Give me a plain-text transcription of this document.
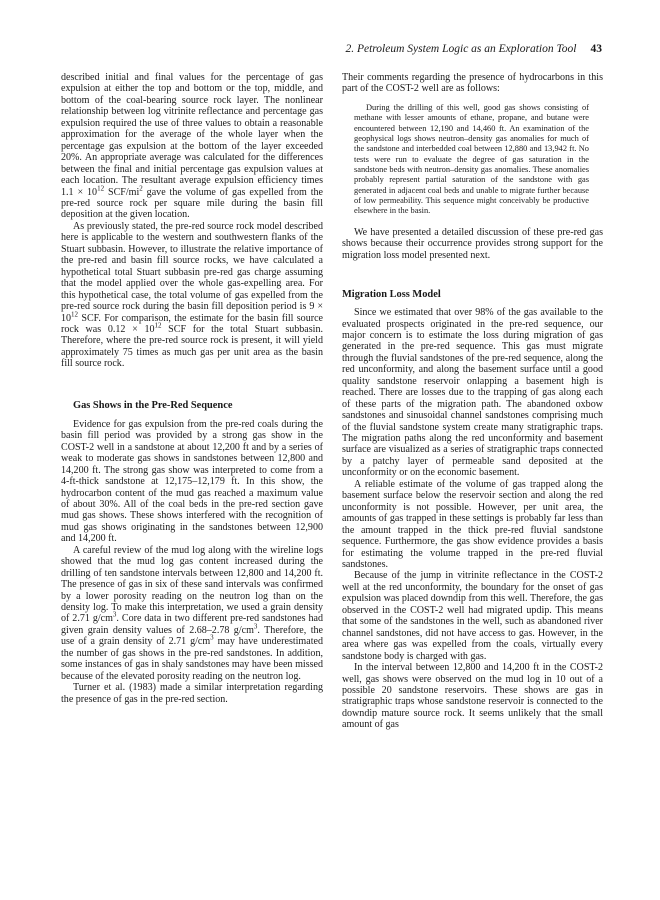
2. Petroleum System Logic as an Exploration Tool 43

described initial and final values for the percentage of gas expulsion at either the top and bottom or the top, middle, and bottom of the coal-bearing source rock layer. The nonlinear relationship between log vitrinite reflectance and percentage gas expulsion required the use of three values to obtain a reasonable approximation for the average of the whole layer when the percentage gas expulsion at the bottom of the layer exceeded 20%. An appropriate average was calculated for the differences between the final and initial percentage gas expulsion values at each location. The resultant average expulsion efficiency times $1.1 \times 10^{12}$ SCF/$mi^2$ gave the volume of gas expelled from the pre-red source rock per square mile during the basin fill deposition at the given location.

As previously stated, the pre-red source rock model described here is applicable to the western and southwestern flanks of the Stuart subbasin. However, to illustrate the relative importance of the pre-red and basin fill source rocks, we have calculated a hypothetical total Stuart subbasin pre-red gas charge assuming that the model applied over the whole gas-expelling area. For this hypothetical case, the total volume of gas expelled from the pre-red source rock during the basin fill deposition period is $9 \times 10^{12}$ SCF. For comparison, the estimate for the basin fill source rock was $0.12 \times 10^{12}$ SCF for the total Stuart subbasin. Therefore, where the pre-red source rock is present, it will yield approximately 75 times as much gas per unit area as the basin fill source rock.

Gas Shows in the Pre-Red Sequence

Evidence for gas expulsion from the pre-red coals during the basin fill period was provided by a strong gas show in the COST-2 well in a sandstone at about 12,200 ft and by a series of weak to moderate gas shows in sandstones between 12,800 and 14,200 ft. The strong gas show was interpreted to come from a 4-ft-thick sandstone at 12,175–12,179 ft. In this show, the hydrocarbon content of the mud gas reached a maximum value of about 30%. All of the coal beds in the pre-red section gave mud gas shows. These shows interfered with the recognition of mud gas shows originating in the sandstones between 12,900 and 14,200 ft.

A careful review of the mud log along with the wireline logs showed that the mud log gas content increased during the drilling of ten sandstone intervals between 12,800 and 14,200 ft. The presence of gas in six of these sand intervals was confirmed by a lower porosity reading on the neutron log than on the density log. To make this interpretation, we used a grain density of 2.71 $g/cm^3$. Core data in two different pre-red sandstones had given grain density values of 2.68–2.78 $g/cm^3$. Therefore, the use of a grain density of 2.71 $g/cm^3$ may have underestimated the number of gas shows in the pre-red sandstones. In addition, some instances of gas in shaly sandstones may have been missed because of the elevated porosity reading on the neutron log.

Turner et al. (1983) made a similar interpretation regarding the presence of gas in the pre-red section.

Their comments regarding the presence of hydrocarbons in this part of the COST-2 well are as follows:

During the drilling of this well, good gas shows consisting of methane with lesser amounts of ethane, propane, and butane were encountered between 12,190 and 14,460 ft. An examination of the geophysical logs shows neutron–density gas anomalies for much of the sandstone and interbedded coal between 12,880 and 13,942 ft. No tests were run to evaluate the degree of gas saturation in the sandstone beds with neutron–density gas anomalies. These anomalies probably represent partial saturation of the sandstone with gas generated in adjacent coal beds and unable to migrate further because of low permeability. This sequence might conceivably be productive elsewhere in the basin.

We have presented a detailed discussion of these pre-red gas shows because their occurrence provides strong support for the migration loss model presented next.

Migration Loss Model

Since we estimated that over 98% of the gas available to the evaluated prospects originated in the pre-red sequence, our major concern is to estimate the loss during migration of gas generated in the pre-red sequence. This gas must migrate through the fluvial sandstones of the pre-red sequence, along the red unconformity, and along the basement surface until a good quality sandstone reservoir onlapping a basement high is reached. There are losses due to the trapping of gas along each of these parts of the migration path. The abandoned oxbow sandstones and sinusoidal channel sandstones comprising much of the fluvial sandstone system create many stratigraphic traps. The migration paths along the red unconformity and basement surface are visualized as a series of stratigraphic traps connected by a patchy layer of permeable sand deposited at the unconformity or on the economic basement.

A reliable estimate of the volume of gas trapped along the basement surface below the reservoir section and along the red unconformity is not possible. However, per unit area, the amounts of gas trapped in these settings is probably far less than the amount trapped in the thick pre-red fluvial sandstone sequence. Furthermore, the gas show evidence provides a basis for estimating the volume trapped in the pre-red fluvial sandstones.

Because of the jump in vitrinite reflectance in the COST-2 well at the red unconformity, the boundary for the onset of gas expulsion was placed downdip from this well. Therefore, the gas observed in the COST-2 well had migrated updip. This means that some of the sandstones in the well, such as abandoned river channel sandstones, did not have access to gas. However, in the area where gas was expelled from the coals, virtually every sandstone body is charged with gas.

In the interval between 12,800 and 14,200 ft in the COST-2 well, gas shows were observed on the mud log in 10 out of a possible 20 sandstone reservoirs. These shows are gas in stratigraphic traps whose sandstone reservoir is connected to the downdip mature source rock. It seems unlikely that the small amount of gas
